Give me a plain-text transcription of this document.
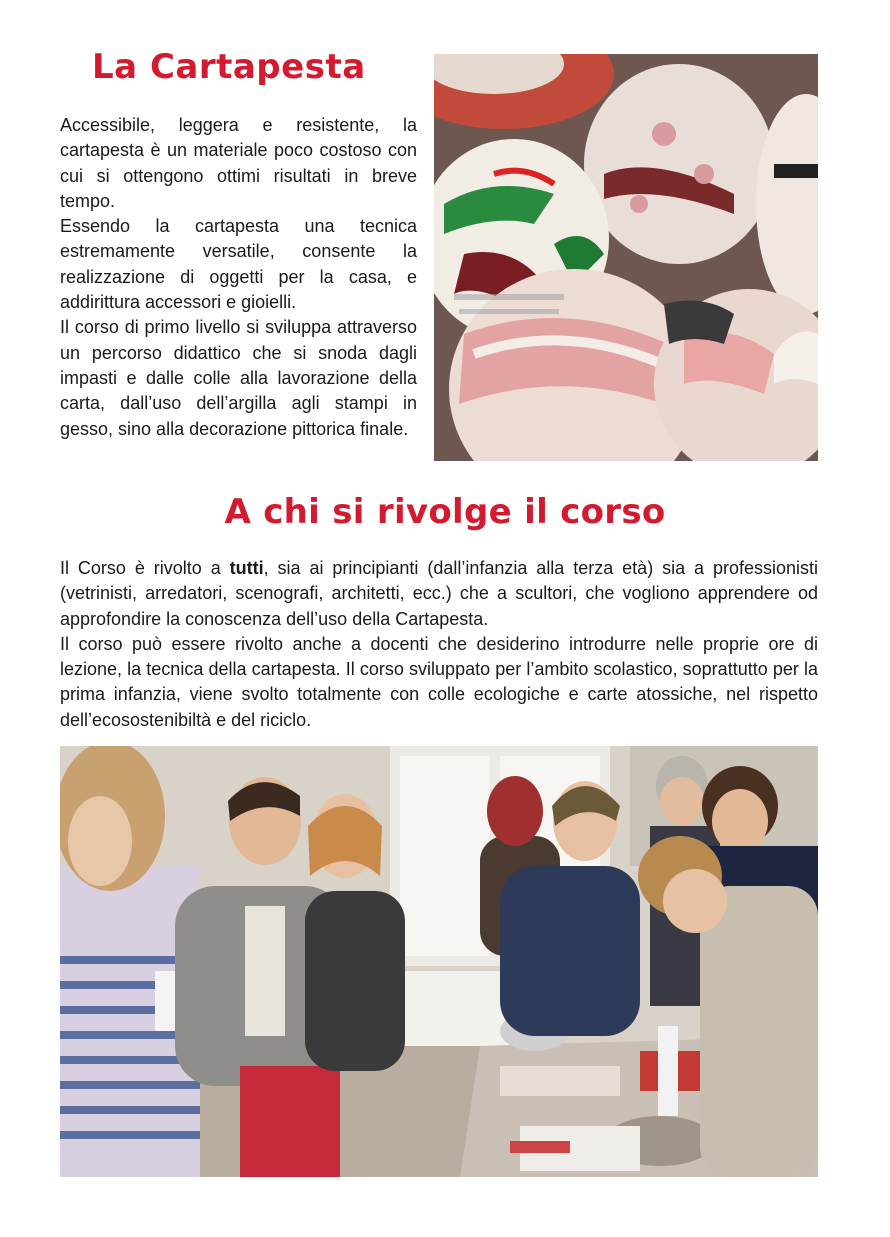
La Cartapesta
Accessibile, leggera e resistente, la cartapesta è un materiale poco costoso con cui si ottengono ottimi risultati in breve tempo.
Essendo la cartapesta una tecnica estremamente versatile, consente la realizzazione di oggetti per la casa, e addirittura accessori e gioielli.
Il corso di primo livello si sviluppa attraverso un percorso didattico che si snoda dagli impasti e dalle colle alla lavorazione della carta, dall’uso dell’argilla agli stampi in gesso, sino alla decorazione pittorica finale.
A chi si rivolge il corso
Il Corso è rivolto a tutti, sia ai principianti (dall’infanzia alla terza età) sia a professionisti (vetrinisti, arredatori, scenografi, architetti, ecc.) che a scultori, che vogliono apprendere od approfondire la conoscenza dell’uso della Cartapesta.
Il corso può essere rivolto anche a docenti che desiderino introdurre nelle proprie ore di lezione, la tecnica della cartapesta. Il corso sviluppato per l’ambito scolastico, soprattutto per la prima infanzia, viene svolto totalmente con colle ecologiche e carte atossiche, nel rispetto dell’ecosostenibiltà e del riciclo.
